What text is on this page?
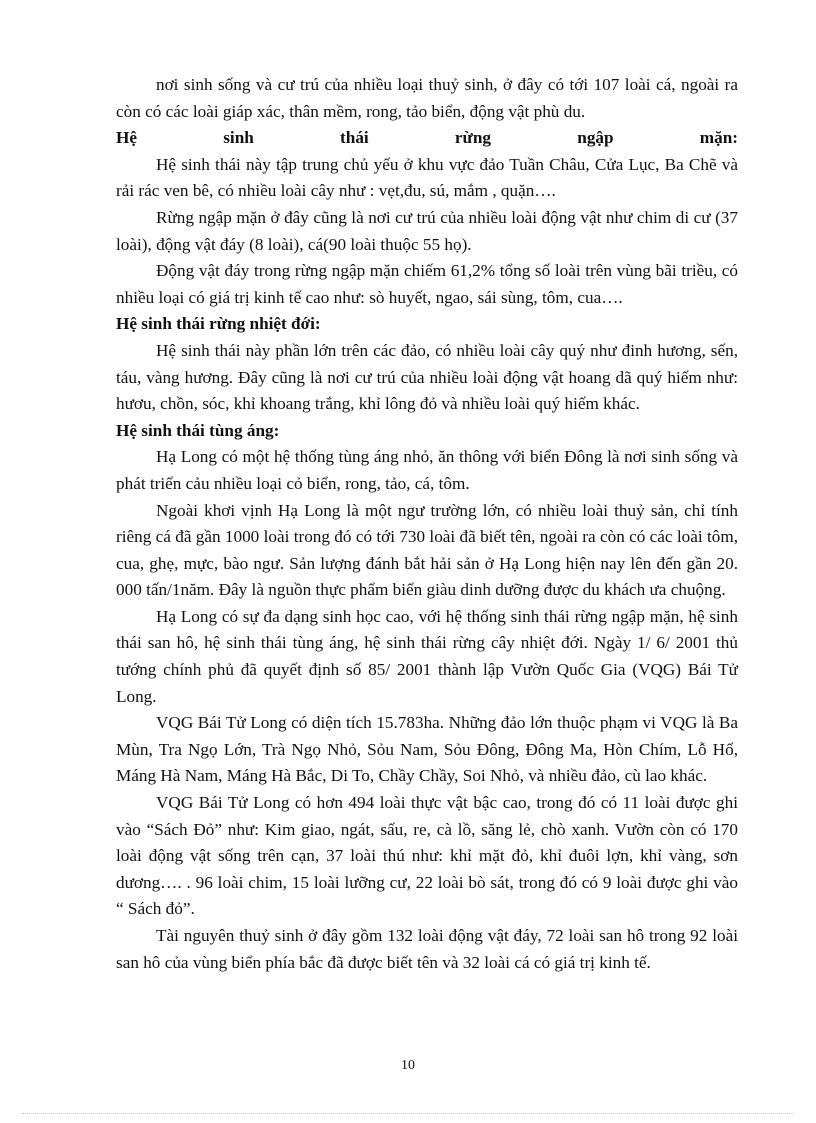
nơi sinh sống và cư trú của nhiều loại thuỷ sinh, ở đây có tới 107 loài cá, ngoài ra còn có các loài giáp xác, thân mềm, rong, tảo biển, động vật phù du.

Hệ sinh thái rừng ngập mặn:

Hệ sinh thái này tập trung chủ yếu ở khu vực đảo Tuần Châu, Cửa Lục, Ba Chẽ và rải rác ven bê, có nhiều loài cây như : vẹt,đu, sú, mắm , quặn….

Rừng ngập mặn ở đây cũng là nơi cư trú của nhiều loài động vật như chim di cư (37 loài), động vật đáy (8 loài), cá(90 loài thuộc 55 họ).

Động vật đáy trong rừng ngập mặn chiếm 61,2% tổng số loài trên vùng bãi triều, có nhiều loại có giá trị kinh tế cao như: sò huyết, ngao, sái sùng, tôm, cua….

Hệ sinh thái rừng nhiệt đới:

Hệ sinh thái này phần lớn trên các đảo, có nhiều loài cây quý như đinh hương, sến, táu, vàng hương. Đây cũng là nơi cư trú của nhiều loài động vật hoang dã quý hiếm như: hươu, chồn, sóc, khỉ khoang trắng, khỉ lông đỏ và nhiều loài quý hiếm khác.

Hệ sinh thái tùng áng:

Hạ Long có một hệ thống tùng áng nhỏ, ăn thông với biển Đông là nơi sinh sống và phát triển cảu nhiều loại cỏ biển, rong, tảo, cá, tôm.

Ngoài khơi vịnh Hạ Long là một ngư trường lớn, có nhiều loài thuỷ sản, chỉ tính riêng cá đã gần 1000 loài trong đó có tới 730 loài đã biết tên, ngoài ra còn có các loài tôm, cua, ghẹ, mực, bào ngư. Sản lượng đánh bắt hải sản ở Hạ Long hiện nay lên đến gần 20. 000 tấn/1năm. Đây là nguồn thực phẩm biển giàu dinh dưỡng được du khách ưa chuộng.

Hạ Long có sự đa dạng sinh học cao, với hệ thống sinh thái rừng ngập mặn, hệ sinh thái san hô, hệ sinh thái tùng áng, hệ sinh thái rừng cây nhiệt đới. Ngày 1/ 6/ 2001 thủ tướng chính phủ đã quyết định số 85/ 2001 thành lập Vườn Quốc Gia (VQG) Bái Tử Long.

VQG Bái Tử Long có diện tích 15.783ha. Những đảo lớn thuộc phạm vi VQG là Ba Mùn, Tra Ngọ Lớn, Trà Ngọ Nhỏ, Sỏu Nam, Sỏu Đông, Đông Ma, Hòn Chím, Lỗ Hố, Máng Hà Nam, Máng Hà Bắc, Di To, Chầy Chầy, Soi Nhỏ, và nhiều đảo, cù lao khác.

VQG Bái Tử Long có hơn 494 loài thực vật bậc cao, trong đó có 11 loài được ghi vào “Sách Đỏ” như: Kim giao, ngát, sấu, re, cà lồ, săng lẻ, chò xanh. Vườn còn có 170 loài động vật sống trên cạn, 37 loài thú như: khỉ mặt đỏ, khỉ đuôi lợn, khỉ vàng, sơn dương…. . 96 loài chim, 15 loài lưỡng cư, 22 loài bò sát, trong đó có 9 loài được ghi vào “ Sách đỏ”.

Tài nguyên thuỷ sinh ở đây gồm 132 loài động vật đáy, 72 loài san hô trong 92 loài san hô của vùng biển phía bắc đã được biết tên và 32 loài cá có giá trị kinh tế.

10
